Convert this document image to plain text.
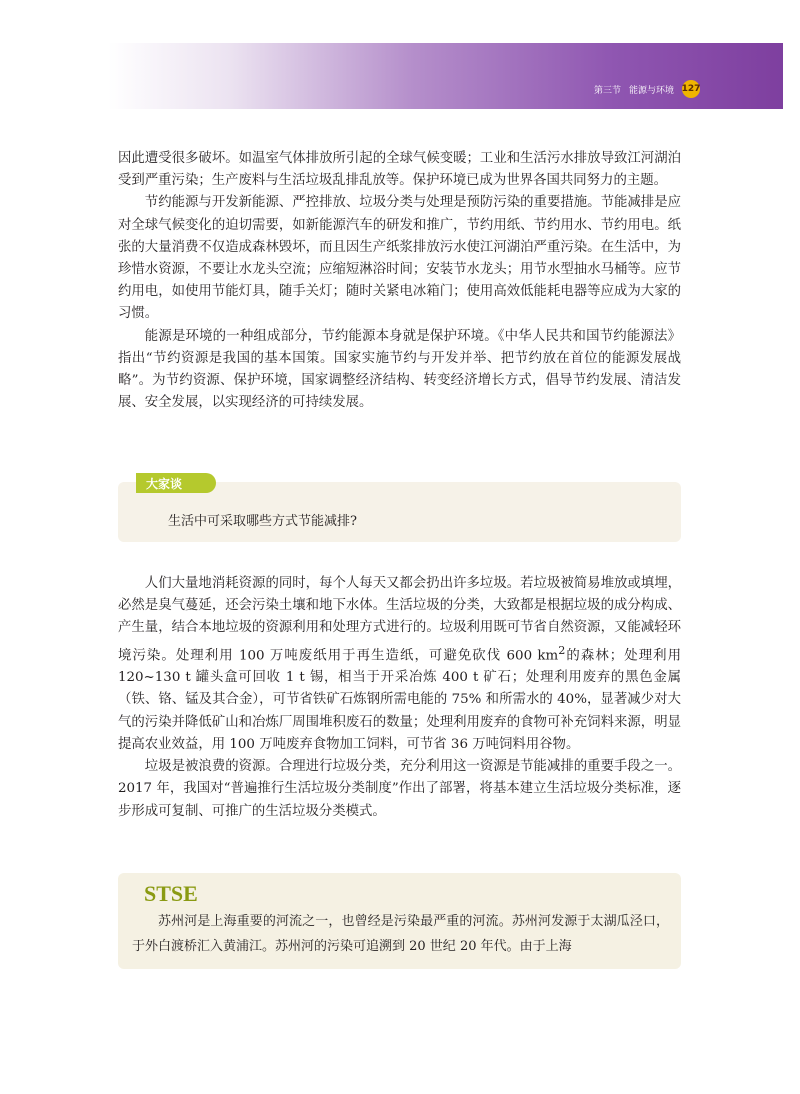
第三节 能源与环境 127

因此遭受很多破坏。如温室气体排放所引起的全球气候变暖；工业和生活污水排放导致江河湖泊受到严重污染；生产废料与生活垃圾乱排乱放等。保护环境已成为世界各国共同努力的主题。

节约能源与开发新能源、严控排放、垃圾分类与处理是预防污染的重要措施。节能减排是应对全球气候变化的迫切需要，如新能源汽车的研发和推广，节约用纸、节约用水、节约用电。纸张的大量消费不仅造成森林毁坏，而且因生产纸浆排放污水使江河湖泊严重污染。在生活中，为珍惜水资源，不要让水龙头空流；应缩短淋浴时间；安装节水龙头；用节水型抽水马桶等。应节约用电，如使用节能灯具，随手关灯；随时关紧电冰箱门；使用高效低能耗电器等应成为大家的习惯。

能源是环境的一种组成部分，节约能源本身就是保护环境。《中华人民共和国节约能源法》指出“节约资源是我国的基本国策。国家实施节约与开发并举、把节约放在首位的能源发展战略”。为节约资源、保护环境，国家调整经济结构、转变经济增长方式，倡导节约发展、清洁发展、安全发展，以实现经济的可持续发展。

大家谈
生活中可采取哪些方式节能减排?

人们大量地消耗资源的同时，每个人每天又都会扔出许多垃圾。若垃圾被简易堆放或填埋，必然是臭气蔓延，还会污染土壤和地下水体。生活垃圾的分类，大致都是根据垃圾的成分构成、产生量，结合本地垃圾的资源利用和处理方式进行的。垃圾利用既可节省自然资源，又能减轻环境污染。处理利用 100 万吨废纸用于再生造纸，可避免砍伐 600 $km^2$的森林；处理利用 120~130 t 罐头盒可回收 1 t 锡，相当于开采冶炼 400 t 矿石；处理利用废弃的黑色金属（铁、铬、锰及其合金），可节省铁矿石炼钢所需电能的 75% 和所需水的 40%，显著减少对大气的污染并降低矿山和冶炼厂周围堆积废石的数量；处理利用废弃的食物可补充饲料来源，明显提高农业效益，用 100 万吨废弃食物加工饲料，可节省 36 万吨饲料用谷物。

垃圾是被浪费的资源。合理进行垃圾分类，充分利用这一资源是节能减排的重要手段之一。2017 年，我国对“普遍推行生活垃圾分类制度”作出了部署，将基本建立生活垃圾分类标准，逐步形成可复制、可推广的生活垃圾分类模式。

STSE

苏州河是上海重要的河流之一，也曾经是污染最严重的河流。苏州河发源于太湖瓜泾口，于外白渡桥汇入黄浦江。苏州河的污染可追溯到 20 世纪 20 年代。由于上海
